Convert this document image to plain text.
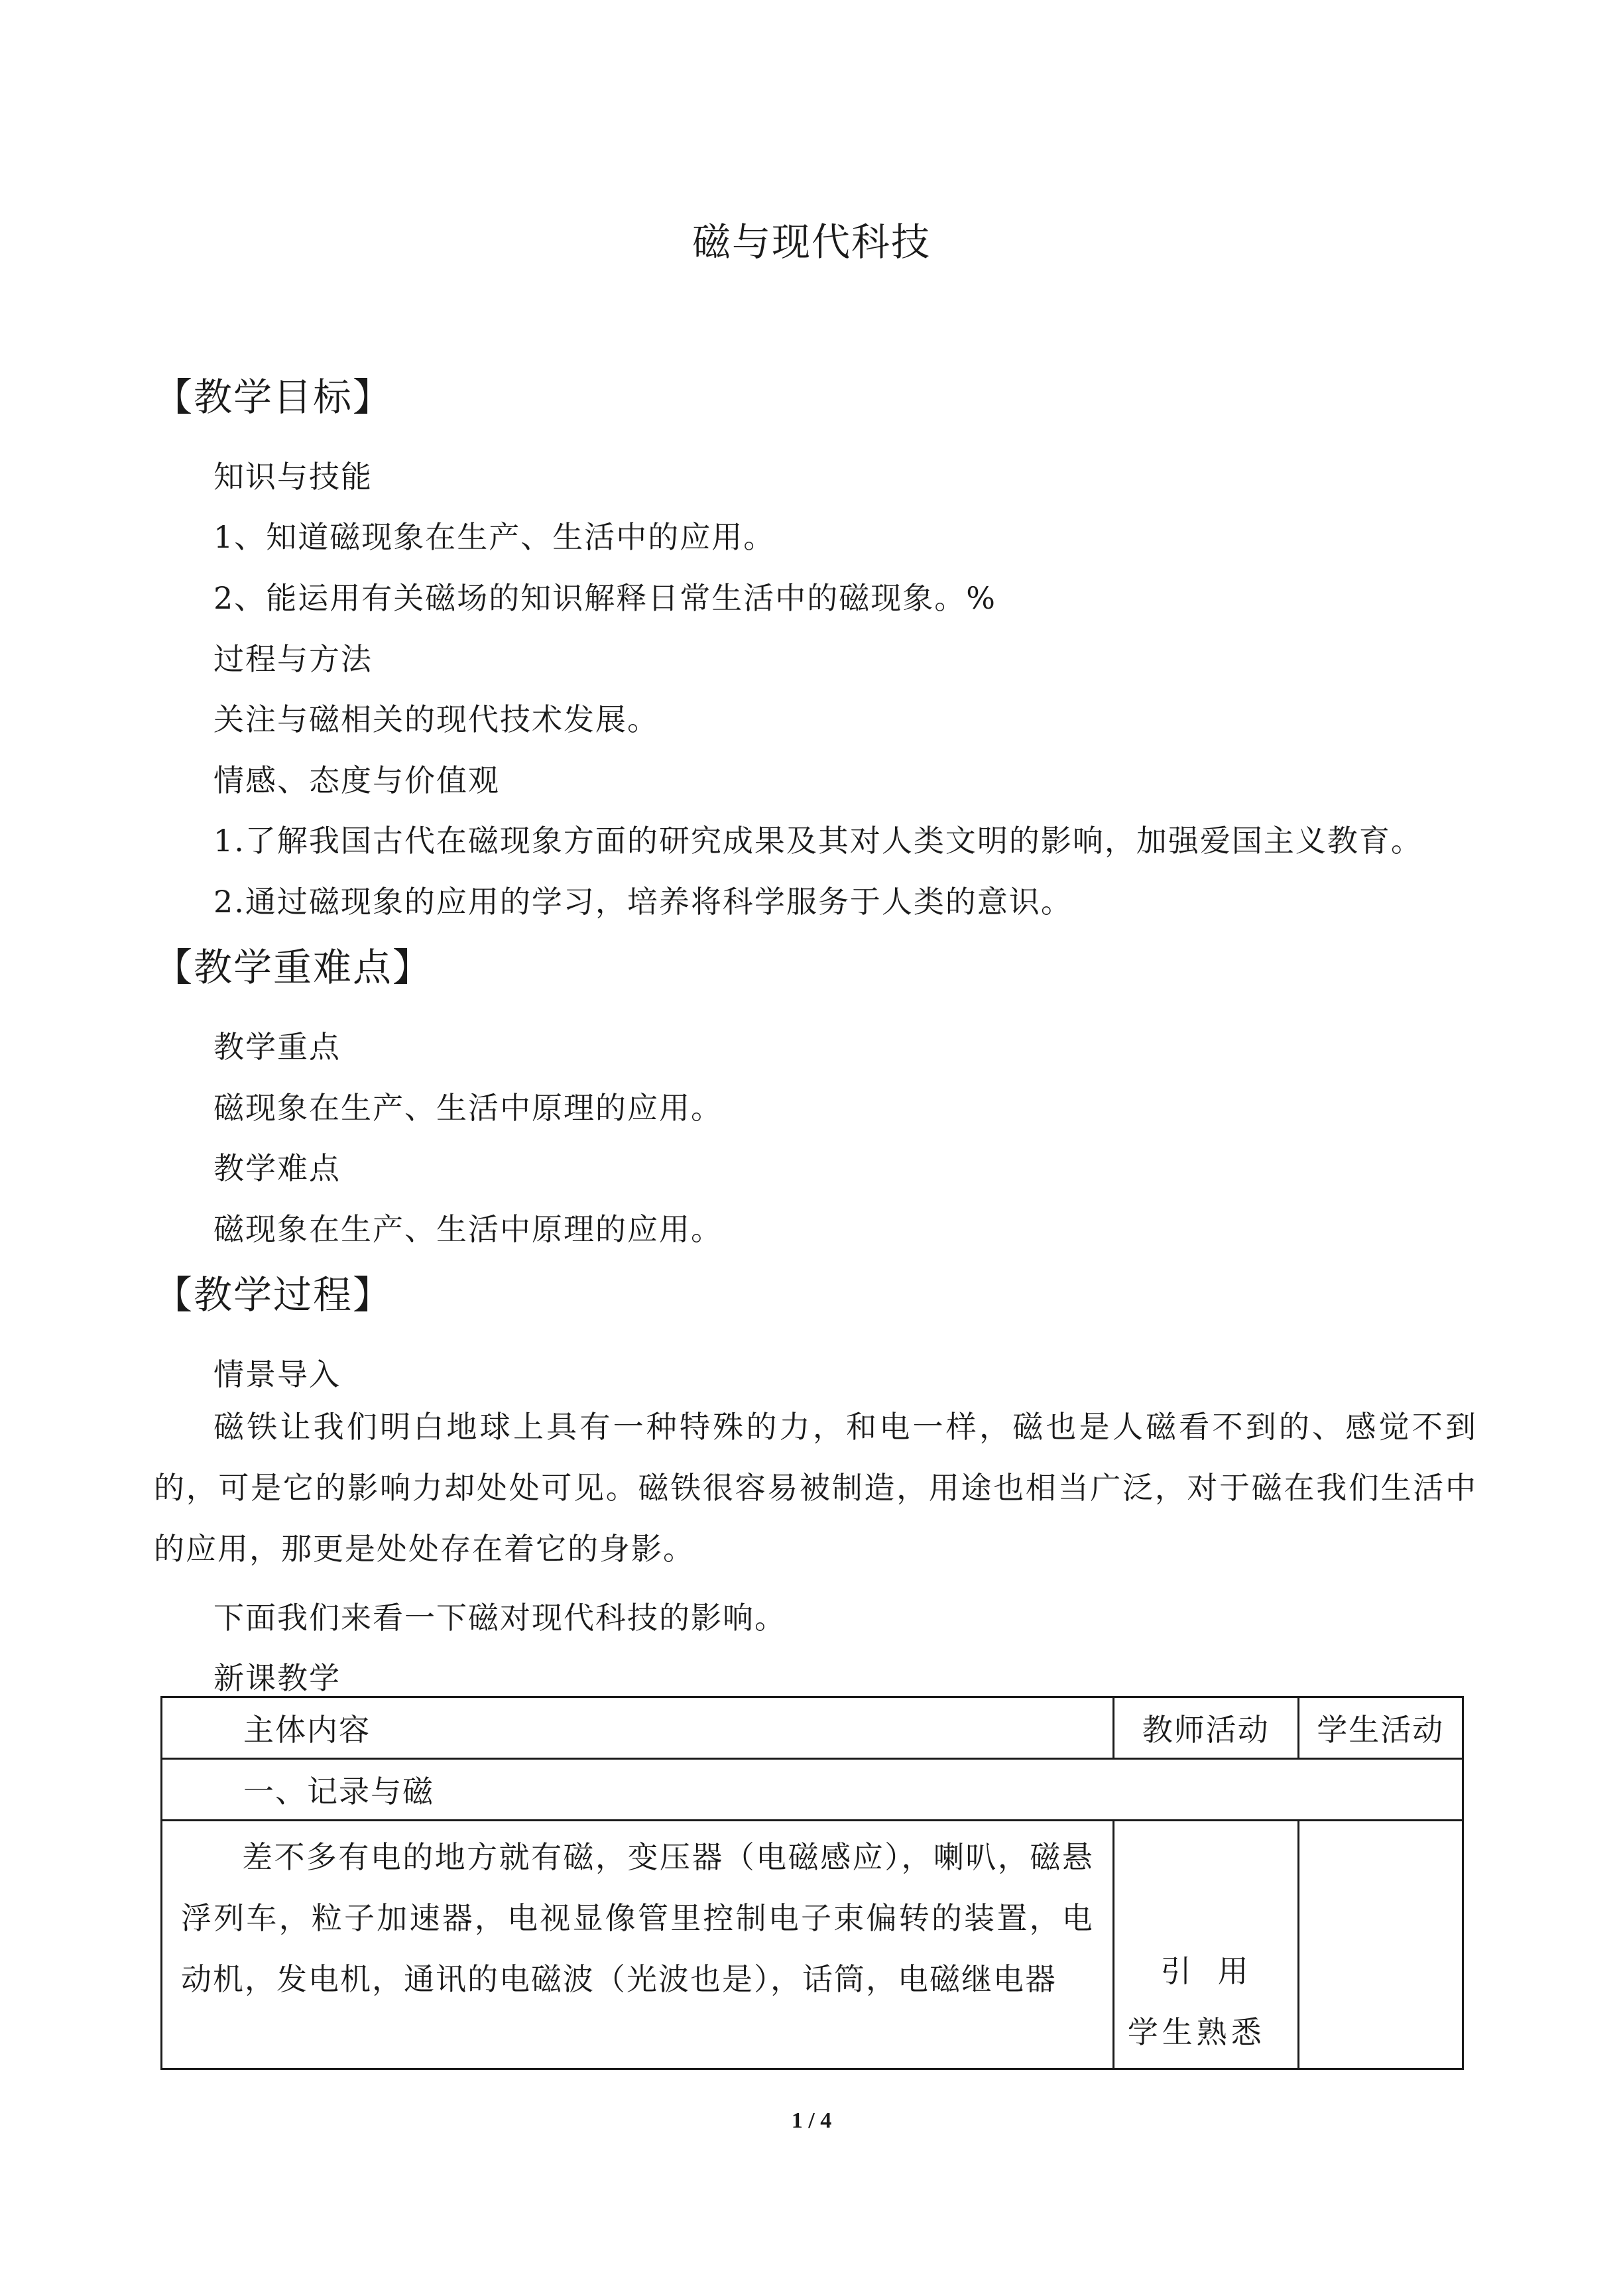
磁与现代科技
【教学目标】
知识与技能
1、知道磁现象在生产、生活中的应用。
2、能运用有关磁场的知识解释日常生活中的磁现象。%
过程与方法
关注与磁相关的现代技术发展。
情感、态度与价值观
1.了解我国古代在磁现象方面的研究成果及其对人类文明的影响，加强爱国主义教育。
2.通过磁现象的应用的学习，培养将科学服务于人类的意识。
【教学重难点】
教学重点
磁现象在生产、生活中原理的应用。
教学难点
磁现象在生产、生活中原理的应用。
【教学过程】
情景导入
磁铁让我们明白地球上具有一种特殊的力，和电一样，磁也是人磁看不到的、感觉不到的，可是它的影响力却处处可见。磁铁很容易被制造，用途也相当广泛，对于磁在我们生活中的应用，那更是处处存在着它的身影。
下面我们来看一下磁对现代科技的影响。
新课教学
主体内容	教师活动	学生活动
一、记录与磁		

差不多有电的地方就有磁，变压器（电磁感应），喇叭，磁悬浮列车，粒子加速器，电视显像管里控制电子束偏转的装置，电动机，发电机，通讯的电磁波（光波也是），话筒，电磁继电器	引用
学生熟悉	

1 / 4
